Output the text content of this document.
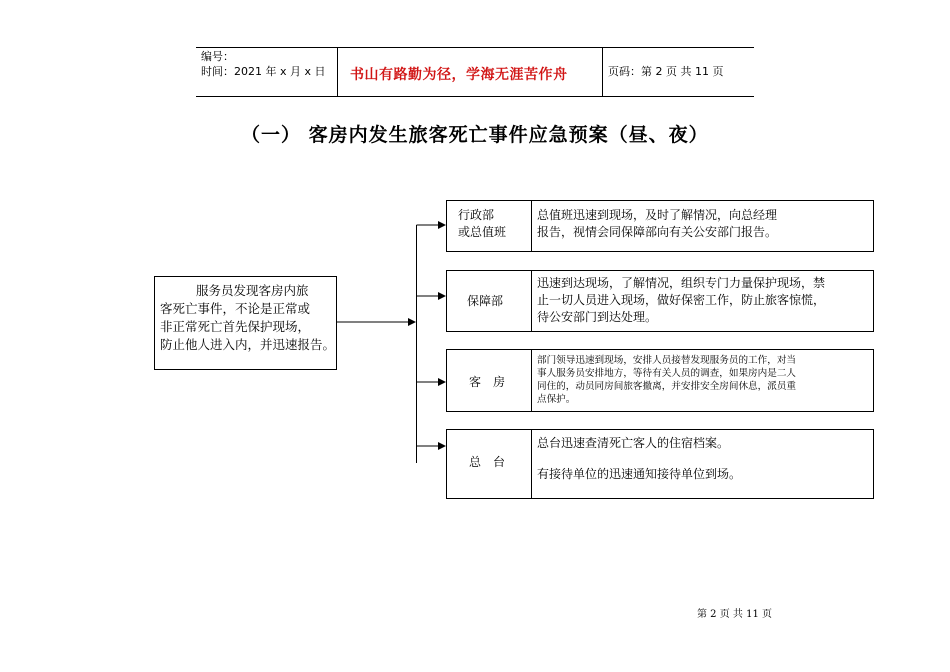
编号：
时间：2021 年 x 月 x 日 书山有路勤为径，学海无涯苦作舟	页码：第 2 页 共 11 页
（一） 客房内发生旅客死亡事件应急预案（昼、夜）
服务员发现客房内旅
客死亡事件，不论是正常或
非正常死亡首先保护现场，
防止他人进入内，并迅速报告。
行政部
或总值班
总值班迅速到现场，及时了解情况，向总经理
报告，视情会同保障部向有关公安部门报告。
保障部
迅速到达现场，了解情况，组织专门力量保护现场，禁
止一切人员进入现场，做好保密工作，防止旅客惊慌，
待公安部门到达处理。
客　房
部门领导迅速到现场，安排人员接替发现服务员的工作，对当
事人服务员安排地方，等待有关人员的调查，如果房内是二人
同住的，动员同房间旅客撤离，并安排安全房间休息，派员重
点保护。
总　台
总台迅速查清死亡客人的住宿档案。
有接待单位的迅速通知接待单位到场。
第 2 页 共 11 页
